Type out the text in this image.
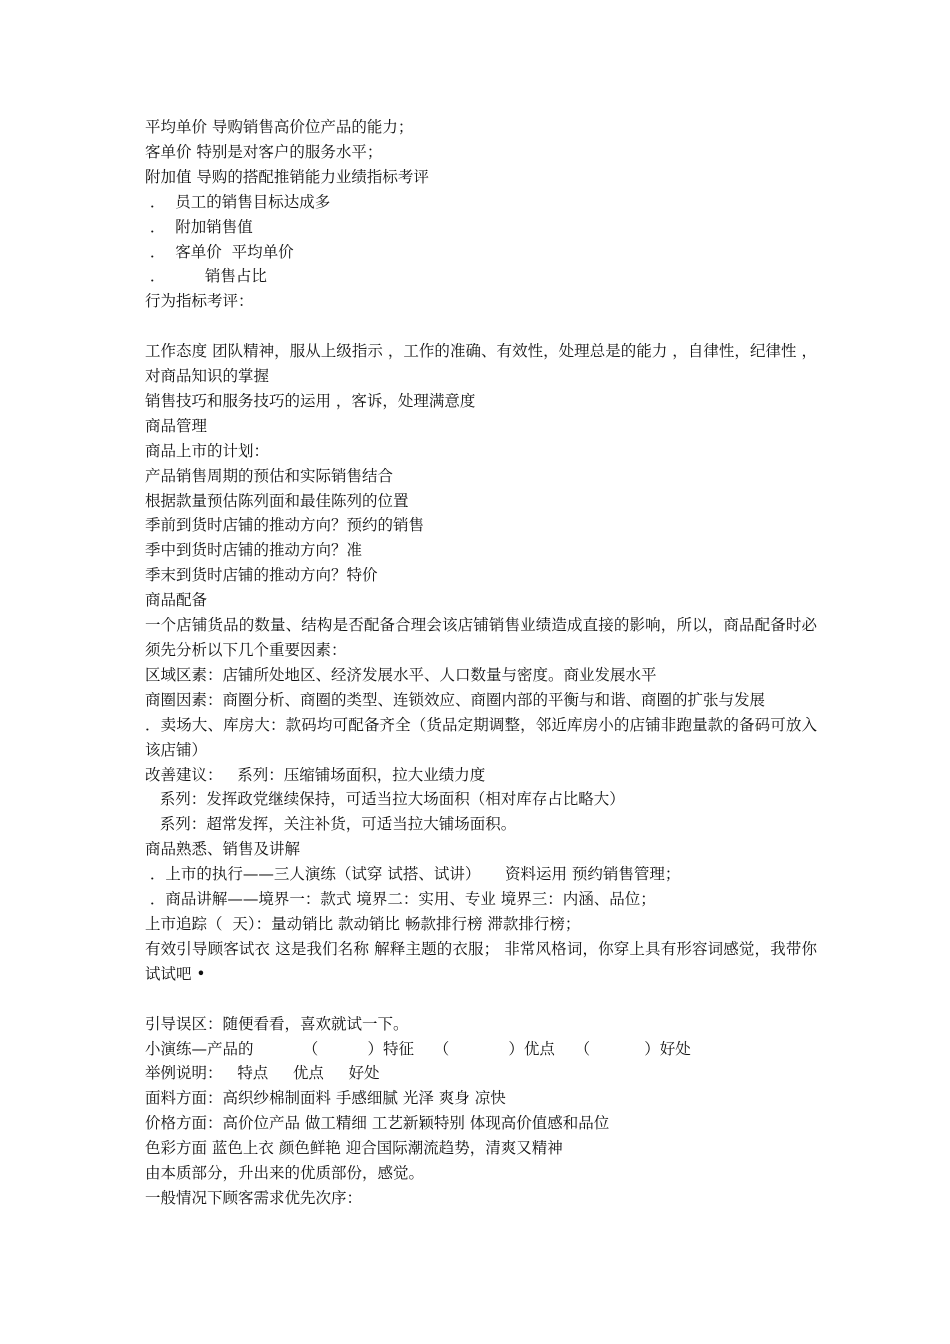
平均单价 导购销售高价位产品的能力；
客单价 特别是对客户的服务水平；
附加值 导购的搭配推销能力业绩指标考评
．  员工的销售目标达成多
．  附加销售值
．  客单价  平均单价
．        销售占比
行为指标考评：
工作态度 团队精神，服从上级指示 ，工作的准确、有效性，处理总是的能力 ，自律性，纪律性 ，对商品知识的掌握
销售技巧和服务技巧的运用 ，客诉，处理满意度
商品管理
商品上市的计划：
产品销售周期的预估和实际销售结合
根据款量预估陈列面和最佳陈列的位置
季前到货时店铺的推动方向？预约的销售
季中到货时店铺的推动方向？准
季末到货时店铺的推动方向？特价
商品配备
一个店铺货品的数量、结构是否配备合理会该店铺销售业绩造成直接的影响，所以，商品配备时必须先分析以下几个重要因素：
区域区素：店铺所处地区、经济发展水平、人口数量与密度。商业发展水平
商圈因素：商圈分析、商圈的类型、连锁效应、商圈内部的平衡与和谐、商圈的扩张与发展
．卖场大、库房大：款码均可配备齐全（货品定期调整，邻近库房小的店铺非跑量款的备码可放入该店铺）
改善建议：   系列：压缩铺场面积，拉大业绩力度
系列：发挥政党继续保持，可适当拉大场面积（相对库存占比略大）
系列：超常发挥，关注补货，可适当拉大铺场面积。
商品熟悉、销售及讲解
．上市的执行——三人演练（试穿 试搭、试讲）     资料运用 预约销售管理；
．商品讲解——境界一：款式 境界二：实用、专业 境界三：内涵、品位；
上市追踪（  天）：量动销比 款动销比 畅款排行榜 滞款排行榜；
有效引导顾客试衣 这是我们名称 解释主题的衣服； 非常风格词，你穿上具有形容词感觉，我带你试试吧 •
引导误区：随便看看，喜欢就试一下。
小演练—产品的          （          ）特征    （            ）优点    （           ）好处
举例说明：   特点     优点     好处
面料方面：高织纱棉制面料 手感细腻 光泽 爽身 凉快
价格方面：高价位产品 做工精细 工艺新颖特别 体现高价值感和品位
色彩方面 蓝色上衣 颜色鲜艳 迎合国际潮流趋势，清爽又精神
由本质部分，升出来的优质部份，感觉。
一般情况下顾客需求优先次序：
